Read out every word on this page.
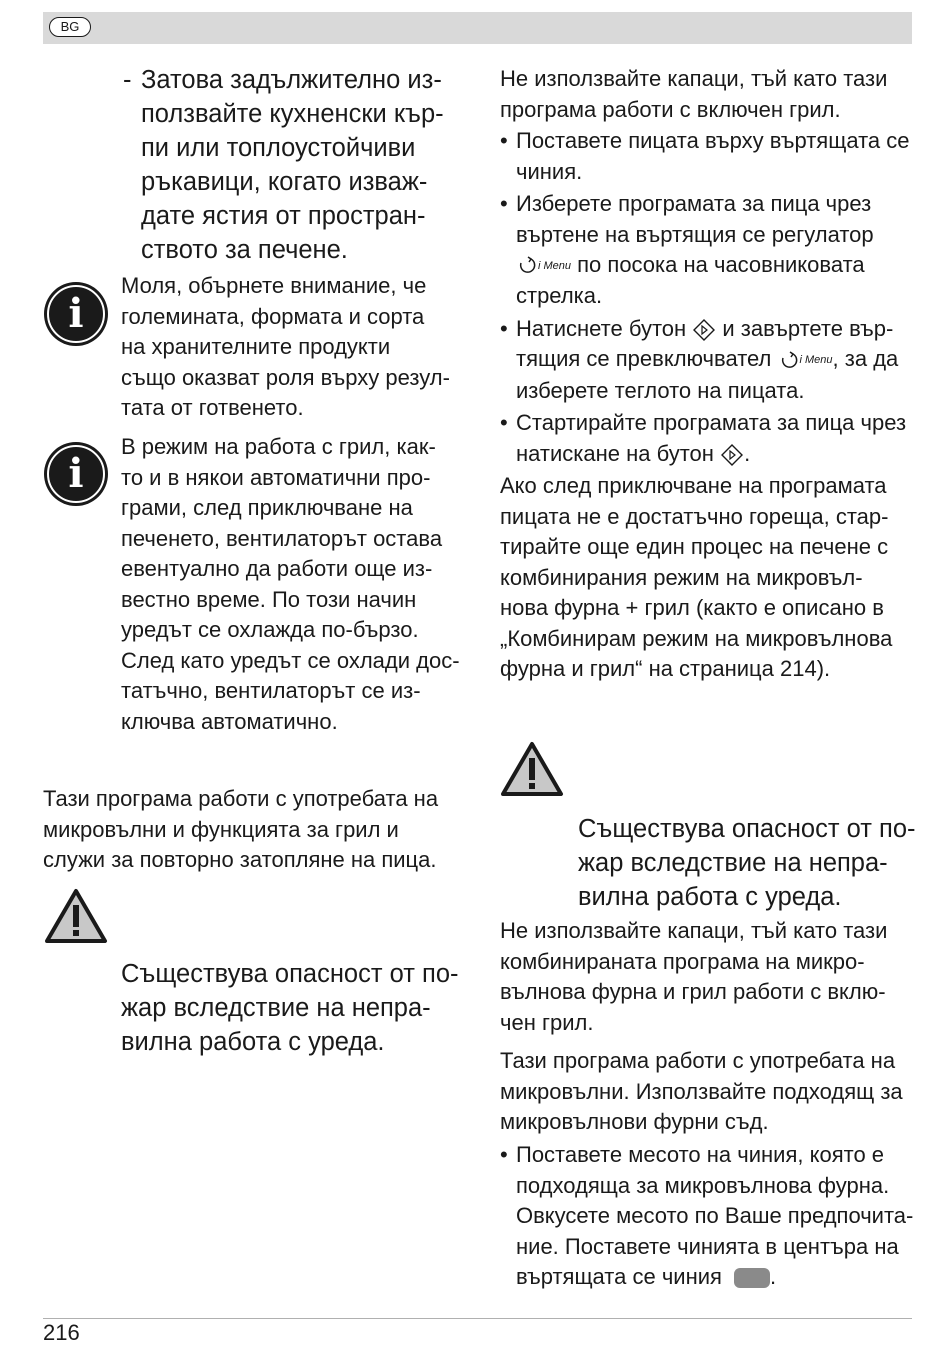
BG
- Затова задължително из-

ползвайте кухненски кър-

пи или топлоустойчиви

ръкавици, когато изваж-

дате ястия от простран-

ството за печене.

i

Моля, обърнете внимание, че

големината, формата и сорта

на хранителните продукти

също оказват роля върху резул-

тата от готвенето.

i

В режим на работа с грил, как-

то и в някои автоматични про-

грами, след приключване на

печенето, вентилаторът остава

евентуално да работи още из-

вестно време. По този начин

уредът се охлажда по-бързо.

След като уредът се охлади дос-

татъчно, вентилаторът се из-

ключва автоматично.

Тази програма работи с употребата на

микровълни и функцията за грил и

служи за повторно затопляне на пица.

Съществува опасност от по-

жар вследствие на непра-

вилна работа с уреда.

Не използвайте капаци, тъй като тази

програма работи с включен грил.

• Поставете пицата върху въртящата се

чиния.

• Изберете програмата за пица чрез

въртене на въртящия се регулатор

i Menu по посока на часовниковата

стрелка.

• Натиснете бутон  и завъртете вър-

тящия се превключвател i Menu, за да

изберете теглото на пицата.

• Стартирайте програмата за пица чрез

натискане на бутон .

Ако след приключване на програмата

пицата не е достатъчно гореща, стар-

тирайте още един процес на печене с

комбинирания режим на микровъл-

нова фурна + грил (както е описано в

„Комбинирам режим на микровълнова

фурна и грил“ на страница 214).

Съществува опасност от по-

жар вследствие на непра-

вилна работа с уреда.

Не използвайте капаци, тъй като тази

комбинираната програма на микро-

вълнова фурна и грил работи с вклю-

чен грил.

Тази програма работи с употребата на

микровълни. Използвайте подходящ за

микровълнови фурни съд.

• Поставете месото на чиния, която е

подходяща за микровълнова фурна.

Овкусете месото по Ваше предпочита-

ние. Поставете чинията в центъра на

въртящата се чиния .

216
